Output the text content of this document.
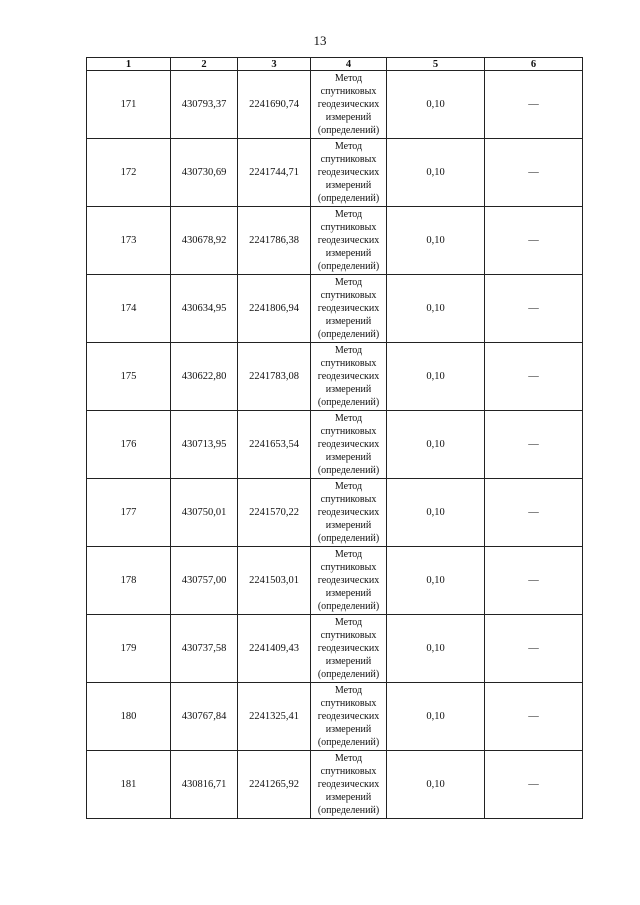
13
1	2	3	4	5	6
171	430793,37	2241690,74	Метод спутниковых геодезических измерений (определений)	0,10	—
172	430730,69	2241744,71	Метод спутниковых геодезических измерений (определений)	0,10	—
173	430678,92	2241786,38	Метод спутниковых геодезических измерений (определений)	0,10	—
174	430634,95	2241806,94	Метод спутниковых геодезических измерений (определений)	0,10	—
175	430622,80	2241783,08	Метод спутниковых геодезических измерений (определений)	0,10	—
176	430713,95	2241653,54	Метод спутниковых геодезических измерений (определений)	0,10	—
177	430750,01	2241570,22	Метод спутниковых геодезических измерений (определений)	0,10	—
178	430757,00	2241503,01	Метод спутниковых геодезических измерений (определений)	0,10	—
179	430737,58	2241409,43	Метод спутниковых геодезических измерений (определений)	0,10	—
180	430767,84	2241325,41	Метод спутниковых геодезических измерений (определений)	0,10	—
181	430816,71	2241265,92	Метод спутниковых геодезических измерений (определений)	0,10	—
